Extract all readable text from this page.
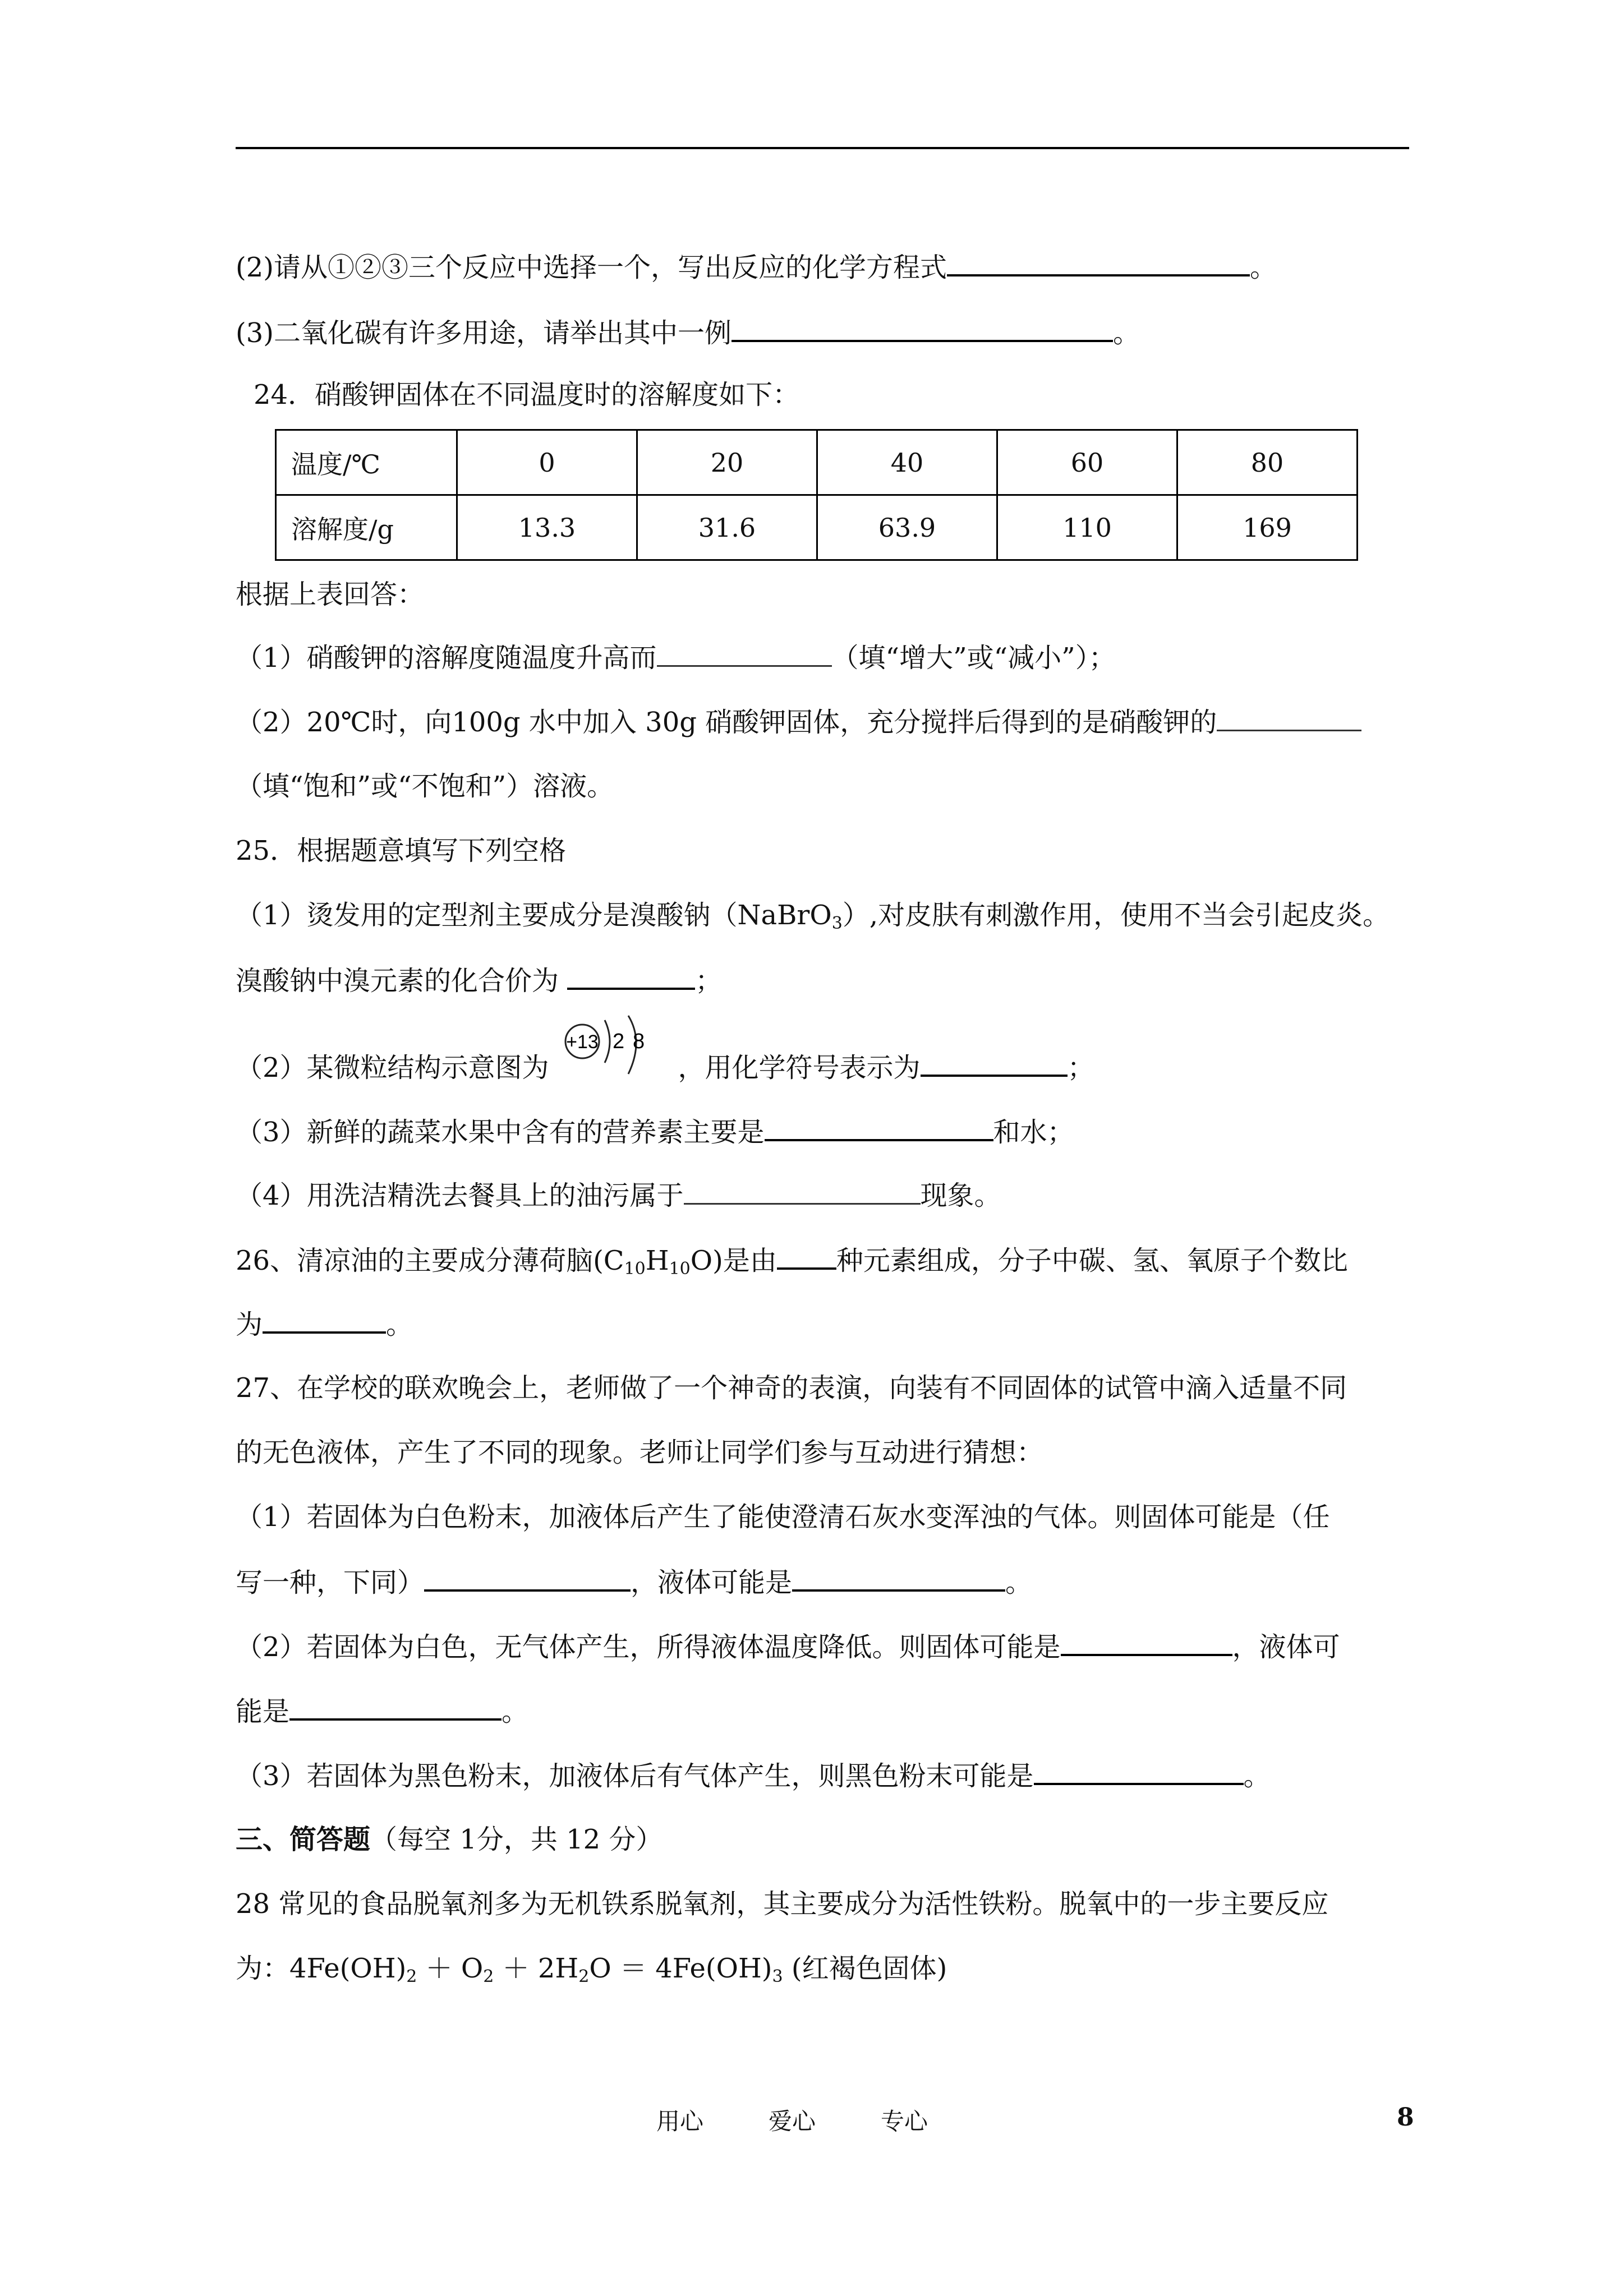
(2)请从①②③三个反应中选择一个，写出反应的化学方程式	。
(3)二氧化碳有许多用途，请举出其中一例	。
24．硝酸钾固体在不同温度时的溶解度如下：
温度/℃	0	20	40	60	80
溶解度/g	13.3	31.6	63.9	110	169
根据上表回答：
（1）硝酸钾的溶解度随温度升高而	（填“增大”或“减小”）；
（2）20℃时，向100g 水中加入 30g 硝酸钾固体，充分搅拌后得到的是硝酸钾的
（填“饱和”或“不饱和”）溶液。
25．根据题意填写下列空格
（1）烫发用的定型剂主要成分是溴酸钠（NaBrO$_3$）,对皮肤有刺激作用，使用不当会引起皮炎。
溴酸钠中溴元素的化合价为	；
+13 2 8
（2）某微粒结构示意图为	，用化学符号表示为	；
（3）新鲜的蔬菜水果中含有的营养素主要是	和水；
（4）用洗洁精洗去餐具上的油污属于	现象。
26、清凉油的主要成分薄荷脑$(C_{10}H_{10}O)$是由 种元素组成，分子中碳、氢、氧原子个数比
为	。
27、在学校的联欢晚会上，老师做了一个神奇的表演，向装有不同固体的试管中滴入适量不同
的无色液体，产生了不同的现象。老师让同学们参与互动进行猜想：
（1）若固体为白色粉末，加液体后产生了能使澄清石灰水变浑浊的气体。则固体可能是（任
写一种，下同）	，液体可能是	。
（2）若固体为白色，无气体产生，所得液体温度降低。则固体可能是	，液体可
能是	。
（3）若固体为黑色粉末，加液体后有气体产生，则黑色粉末可能是	。
三、简答题（每空 1分，共 12 分）
28 常见的食品脱氧剂多为无机铁系脱氧剂，其主要成分为活性铁粉。脱氧中的一步主要反应
为：$4Fe(OH)_2 + O_2 + 2H_2O = 4Fe(OH)_3$ (红褐色固体)
用心	爱心	专心	8
